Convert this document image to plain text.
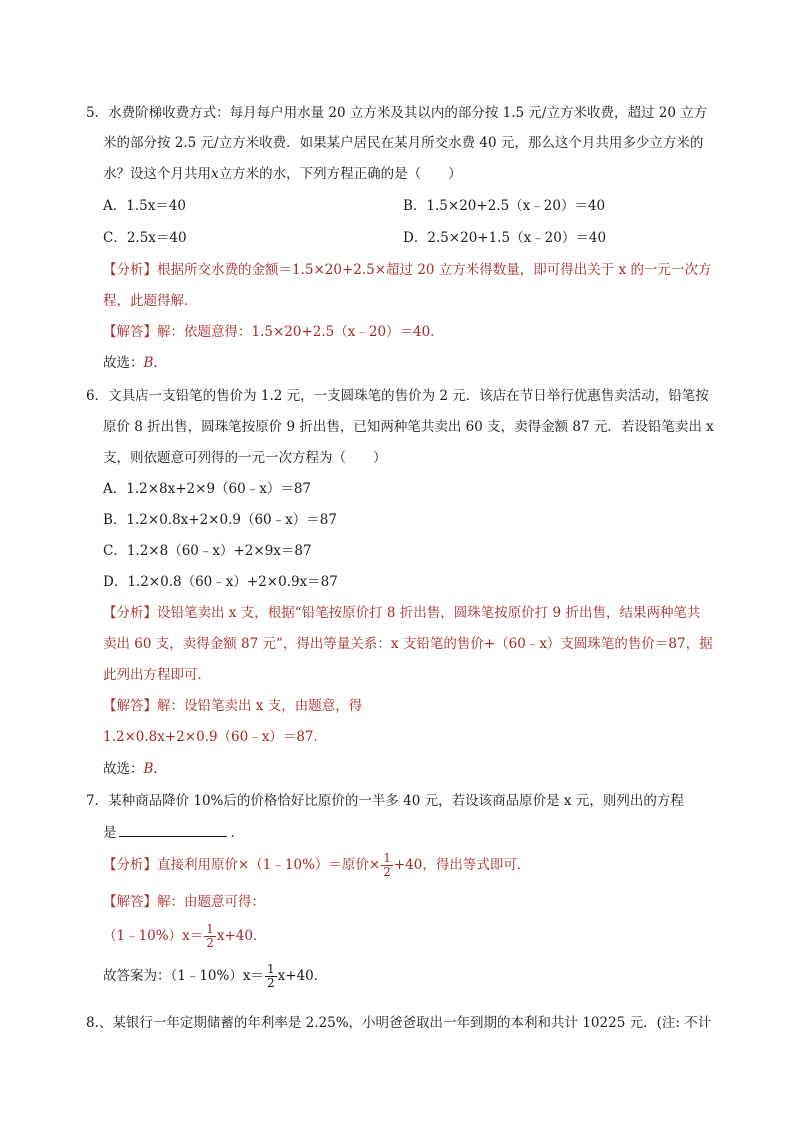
5．水费阶梯收费方式：每月每户用水量 20 立方米及其以内的部分按 1.5 元/立方米收费，超过 20 立方
米的部分按 2.5 元/立方米收费．如果某户居民在某月所交水费 40 元，那么这个月共用多少立方米的
水？设这个月共用x立方米的水，下列方程正确的是（　　）
A．1.5x＝40	B．1.5×20+2.5（x﹣20）＝40
C．2.5x＝40	D．2.5×20+1.5（x﹣20）＝40
【分析】根据所交水费的金额＝1.5×20+2.5×超过 20 立方米得数量，即可得出关于 x 的一元一次方
程，此题得解．
【解答】解：依题意得：1.5×20+2.5（x﹣20）＝40．
故选：B．
6．文具店一支铅笔的售价为 1.2 元，一支圆珠笔的售价为 2 元．该店在节日举行优惠售卖活动，铅笔按
原价 8 折出售，圆珠笔按原价 9 折出售，已知两种笔共卖出 60 支，卖得金额 87 元．若设铅笔卖出 x
支，则依题意可列得的一元一次方程为（　　）
A．1.2×8x+2×9（60﹣x）＝87
B．1.2×0.8x+2×0.9（60﹣x）＝87
C．1.2×8（60﹣x）+2×9x＝87
D．1.2×0.8（60﹣x）+2×0.9x＝87
【分析】设铅笔卖出 x 支，根据“铅笔按原价打 8 折出售，圆珠笔按原价打 9 折出售，结果两种笔共
卖出 60 支，卖得金额 87 元”，得出等量关系：x 支铅笔的售价+（60﹣x）支圆珠笔的售价＝87，据
此列出方程即可．
【解答】解：设铅笔卖出 x 支，由题意，得
1.2×0.8x+2×0.9（60﹣x）＝87．
故选：B．
7．某种商品降价 10%后的价格恰好比原价的一半多 40 元，若设该商品原价是 x 元，则列出的方程
是	．
【分析】直接利用原价×（1﹣10%）＝原价× $\frac{1}{2} +40$，得出等式即可．
【解答】解：由题意可得：
（1﹣10%）x＝ $\frac{1}{2} x+40$．
故答案为：（1﹣10%）x＝ $\frac{1}{2} x+40$．
8.、某银行一年定期储蓄的年利率是 2.25%，小明爸爸取出一年到期的本利和共计 10225 元．(注: 不计
